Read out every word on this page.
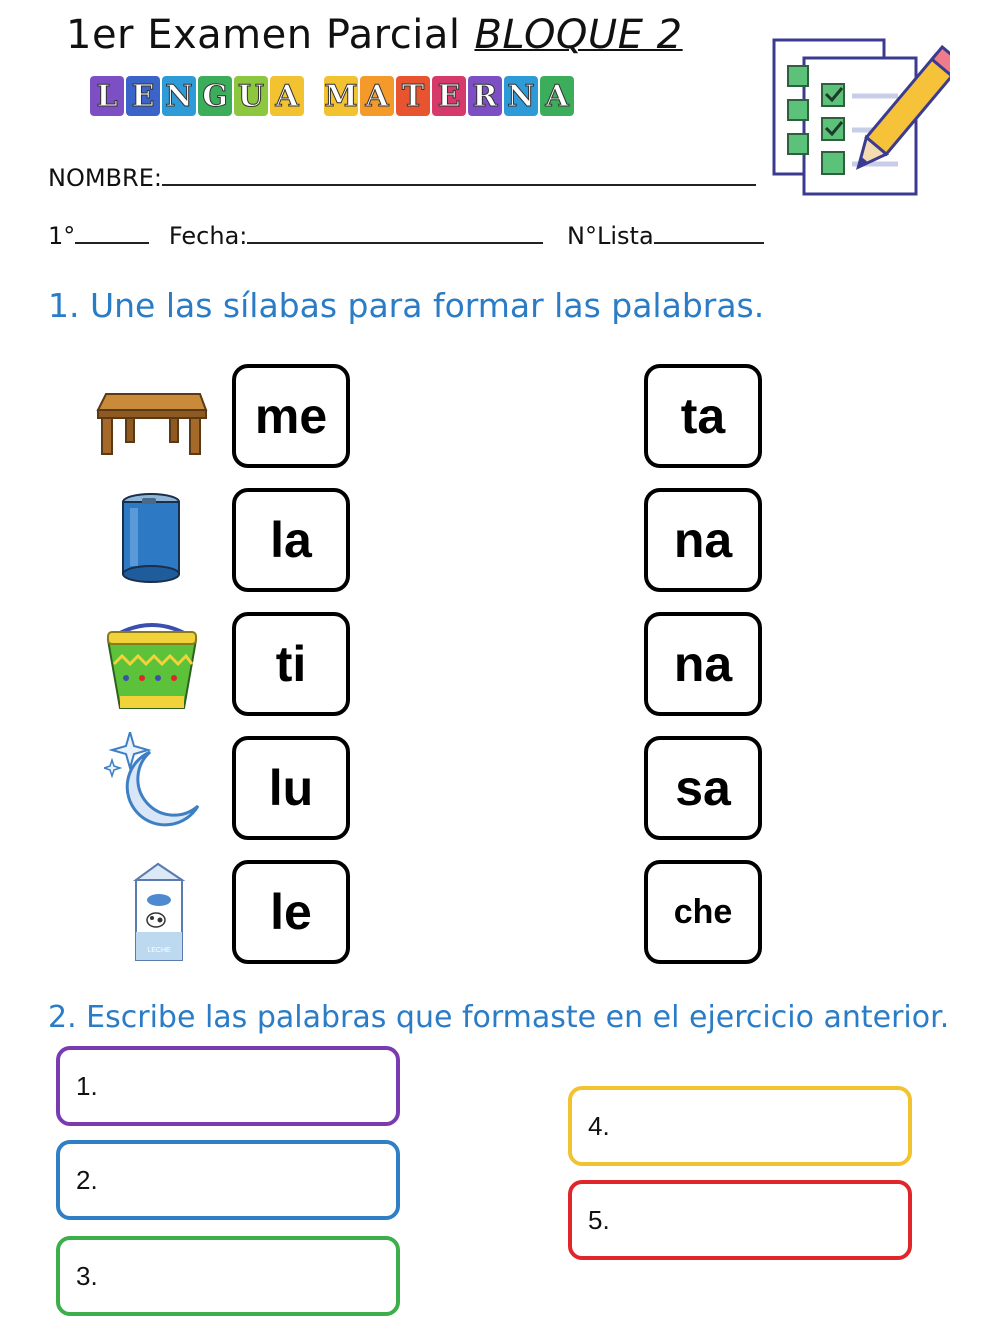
1er Examen Parcial BLOQUE 2
L E N G U A M A T E R N A
NOMBRE:
1°	Fecha:	N°Lista
1. Une las sílabas para formar las palabras.
LECHE
me
la
ti
lu
le
ta
na
na
sa
che
2. Escribe las palabras que formaste en el ejercicio anterior.
1.
2.
3.
4.
5.
